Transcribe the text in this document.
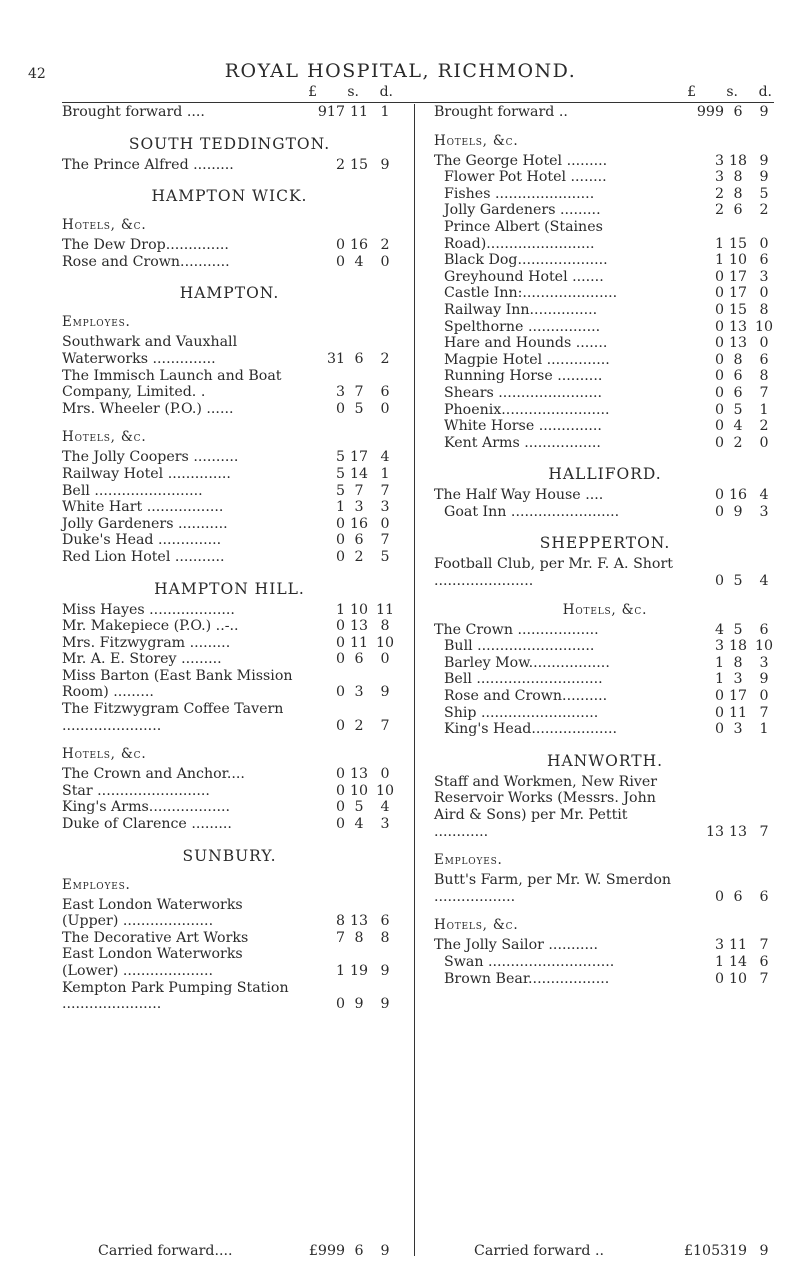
42	ROYAL HOSPITAL, RICHMOND.
£ s. d.
Brought forward ....	917 11 1
SOUTH TEDDINGTON.
The Prince Alfred .........	2 15 9
HAMPTON WICK.
Hotels, &c.
The Dew Drop..............	0 16 2
Rose and Crown...........	0 4	0
HAMPTON.
Employes.
Southwark and Vauxhall Waterworks ..............	31 6	2
The Immisch Launch and Boat Company, Limited. .	3 7	6
Mrs. Wheeler (P.O.) ......	0 5	0
Hotels, &c.
The Jolly Coopers ..........	5 17 4
Railway Hotel ..............	5 14 1
Bell ........................	5 7	7
White Hart .................	1 3	3
Jolly Gardeners ...........	0 16 0
Duke's Head ..............	0 6	7
Red Lion Hotel ...........	0 2	5
HAMPTON HILL.
Miss Hayes ...................	1 10 11
Mr. Makepiece (P.O.) ..-..	0 13 8
Mrs. Fitzwygram .........	0 11 10
Mr. A. E. Storey .........	0 6	0
Miss Barton (East Bank Mission Room) .........	0 3	9
The Fitzwygram Coffee Tavern ......................	0 2	7
Hotels, &c.
The Crown and Anchor....	0 13 0
Star .........................	0 10 10
King's Arms..................	0 5	4
Duke of Clarence .........	0 4	3
SUNBURY.
Employes.
East London Waterworks (Upper) ....................	8 13 6
The Decorative Art Works	7 8	8
East London Waterworks (Lower) ....................	1 19 9
Kempton Park Pumping Station ......................	0 9	9
£ s. d.
Brought forward ..	999 6	9
Hotels, &c.
The George Hotel .........	3 18 9
Flower Pot Hotel ........	3 8	9
Fishes ......................	2 8	5
Jolly Gardeners .........	2 6	2
Prince Albert (Staines Road)........................	1 15 0
Black Dog....................	1 10 6
Greyhound Hotel .......	0 17 3
Castle Inn:.....................	0 17 0
Railway Inn...............	0 15 8
Spelthorne ................	0 13 10
Hare and Hounds .......	0 13 0
Magpie Hotel ..............	0 8	6
Running Horse ..........	0 6	8
Shears .......................	0 6	7
Phoenix........................	0 5	1
White Horse ..............	0 4	2
Kent Arms .................	0 2	0
HALLIFORD.
The Half Way House ....	0 16 4
Goat Inn ........................	0 9	3
SHEPPERTON.
Football Club, per Mr. F. A. Short ......................	0 5	4
Hotels, &c.
The Crown ..................	4 5	6
Bull ..........................	3 18 10
Barley Mow..................	1 8	3
Bell ............................	1 3	9
Rose and Crown..........	0 17 0
Ship ..........................	0 11 7
King's Head...................	0 3	1
HANWORTH.
Staff and Workmen, New River Reservoir Works (Messrs. John Aird & Sons) per Mr. Pettit ............	13 13 7
Employes.
Butt's Farm, per Mr. W. Smerdon ..................	0 6	6
Hotels, &c.
The Jolly Sailor ...........	3 11 7
Swan ............................	1 14 6
Brown Bear..................	0 10 7
Carried forward....	£999 6	9	Carried forward ..	£1053 19 9
